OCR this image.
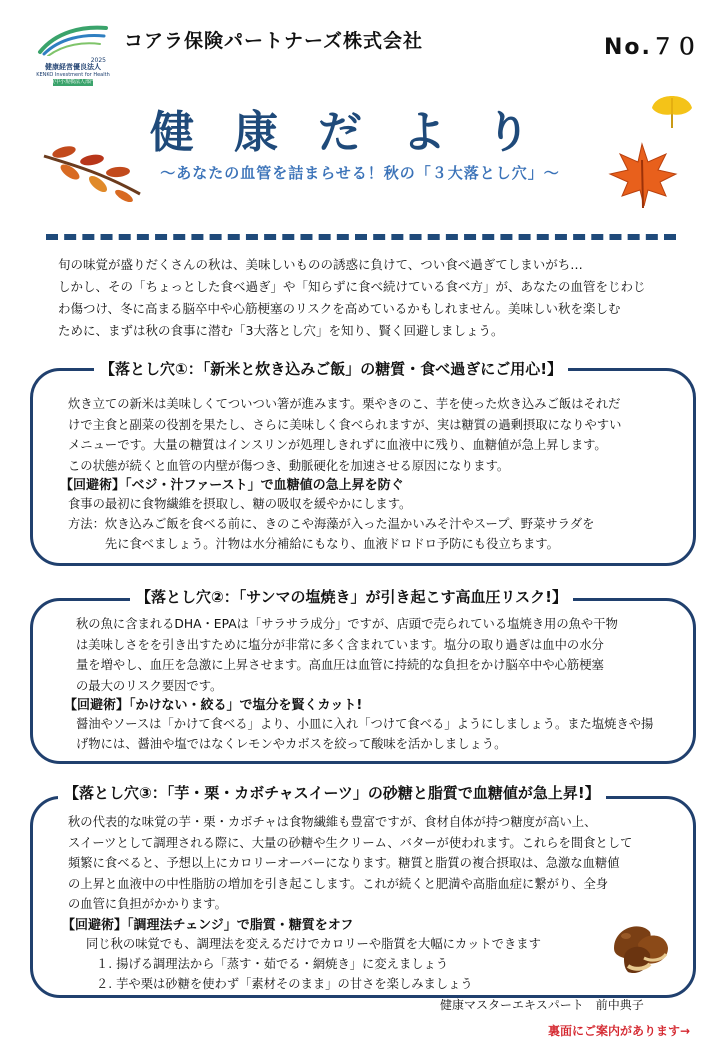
2025
健康経営優良法人
KENKO Investment for Health
(中小規模法人部門)
コアラ保険パートナーズ株式会社	No.７０
健康だより
～あなたの血管を詰まらせる！秋の「３大落とし穴」～
旬の味覚が盛りだくさんの秋は、美味しいものの誘惑に負けて、つい食べ過ぎてしまいがち…
しかし、その「ちょっとした食べ過ぎ」や「知らずに食べ続けている食べ方」が、あなたの血管をじわじ
わ傷つけ、冬に高まる脳卒中や心筋梗塞のリスクを高めているかもしれません。美味しい秋を楽しむ
ために、まずは秋の食事に潜む「3大落とし穴」を知り、賢く回避しましょう。
【落とし穴①：「新米と炊き込みご飯」の糖質・食べ過ぎにご用心!】
炊き立ての新米は美味しくてついつい箸が進みます。栗やきのこ、芋を使った炊き込みご飯はそれだ
けで主食と副菜の役割を果たし、さらに美味しく食べられますが、実は糖質の過剰摂取になりやすい
メニューです。大量の糖質はインスリンが処理しきれずに血液中に残り、血糖値が急上昇します。
この状態が続くと血管の内壁が傷つき、動脈硬化を加速させる原因になります。
【回避術】「ベジ・汁ファースト」で血糖値の急上昇を防ぐ
食事の最初に食物繊維を摂取し、糖の吸収を緩やかにします。
方法：炊き込みご飯を食べる前に、きのこや海藻が入った温かいみそ汁やスープ、野菜サラダを
　　　先に食べましょう。汁物は水分補給にもなり、血液ドロドロ予防にも役立ちます。
【落とし穴②：「サンマの塩焼き」が引き起こす高血圧リスク!】
秋の魚に含まれるDHA・EPAは「サラサラ成分」ですが、店頭で売られている塩焼き用の魚や干物
は美味しさをを引き出すために塩分が非常に多く含まれています。塩分の取り過ぎは血中の水分
量を増やし、血圧を急激に上昇させます。高血圧は血管に持続的な負担をかけ脳卒中や心筋梗塞
の最大のリスク要因です。
【回避術】「かけない・絞る」で塩分を賢くカット!
醤油やソースは「かけて食べる」より、小皿に入れ「つけて食べる」ようにしましょう。また塩焼きや揚
げ物には、醤油や塩ではなくレモンやカボスを絞って酸味を活かしましょう。
【落とし穴③：「芋・栗・カボチャスイーツ」の砂糖と脂質で血糖値が急上昇!】
秋の代表的な味覚の芋・栗・カボチャは食物繊維も豊富ですが、食材自体が持つ糖度が高い上、
スイーツとして調理される際に、大量の砂糖や生クリーム、バターが使われます。これらを間食として
頻繁に食べると、予想以上にカロリーオーバーになります。糖質と脂質の複合摂取は、急激な血糖値
の上昇と血液中の中性脂肪の増加を引き起こします。これが続くと肥満や高脂血症に繋がり、全身
の血管に負担がかかります。
【回避術】「調理法チェンジ」で脂質・糖質をオフ
同じ秋の味覚でも、調理法を変えるだけでカロリーや脂質を大幅にカットできます
１. 揚げる調理法から「蒸す・茹でる・網焼き」に変えましょう
２. 芋や栗は砂糖を使わず「素材そのまま」の甘さを楽しみましょう
健康マスターエキスパート　前中典子
裏面にご案内があります→
